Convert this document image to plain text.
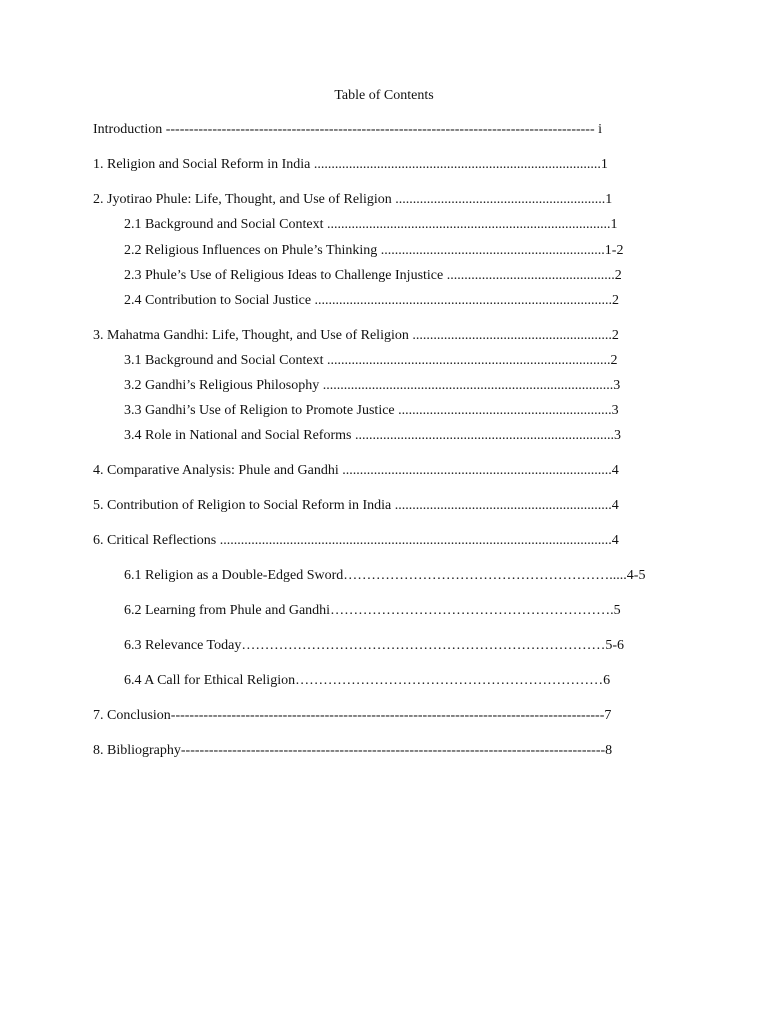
Table of Contents
Introduction -------------------------------------------------------------------------------------------- i
1. Religion and Social Reform in India ..................................................................................1
2. Jyotirao Phule: Life, Thought, and Use of Religion ............................................................1
2.1 Background and Social Context .................................................................................1
2.2 Religious Influences on Phule’s Thinking ................................................................1-2
2.3 Phule’s Use of Religious Ideas to Challenge Injustice ................................................2
2.4 Contribution to Social Justice .....................................................................................2
3. Mahatma Gandhi: Life, Thought, and Use of Religion .........................................................2
3.1 Background and Social Context .................................................................................2
3.2 Gandhi’s Religious Philosophy ...................................................................................3
3.3 Gandhi’s Use of Religion to Promote Justice .............................................................3
3.4 Role in National and Social Reforms ..........................................................................3
4. Comparative Analysis: Phule and Gandhi .............................................................................4
5. Contribution of Religion to Social Reform in India ..............................................................4
6. Critical Reflections ................................................................................................................4
6.1 Religion as a Double-Edged Sword………………………………………………….....4-5
6.2 Learning from Phule and Gandhi…………………………………………………….5
6.3 Relevance Today……………………………………………………………………5-6
6.4 A Call for Ethical Religion…………………………………………………………6
7. Conclusion---------------------------------------------------------------------------------------------7
8. Bibliography-------------------------------------------------------------------------------------------8
